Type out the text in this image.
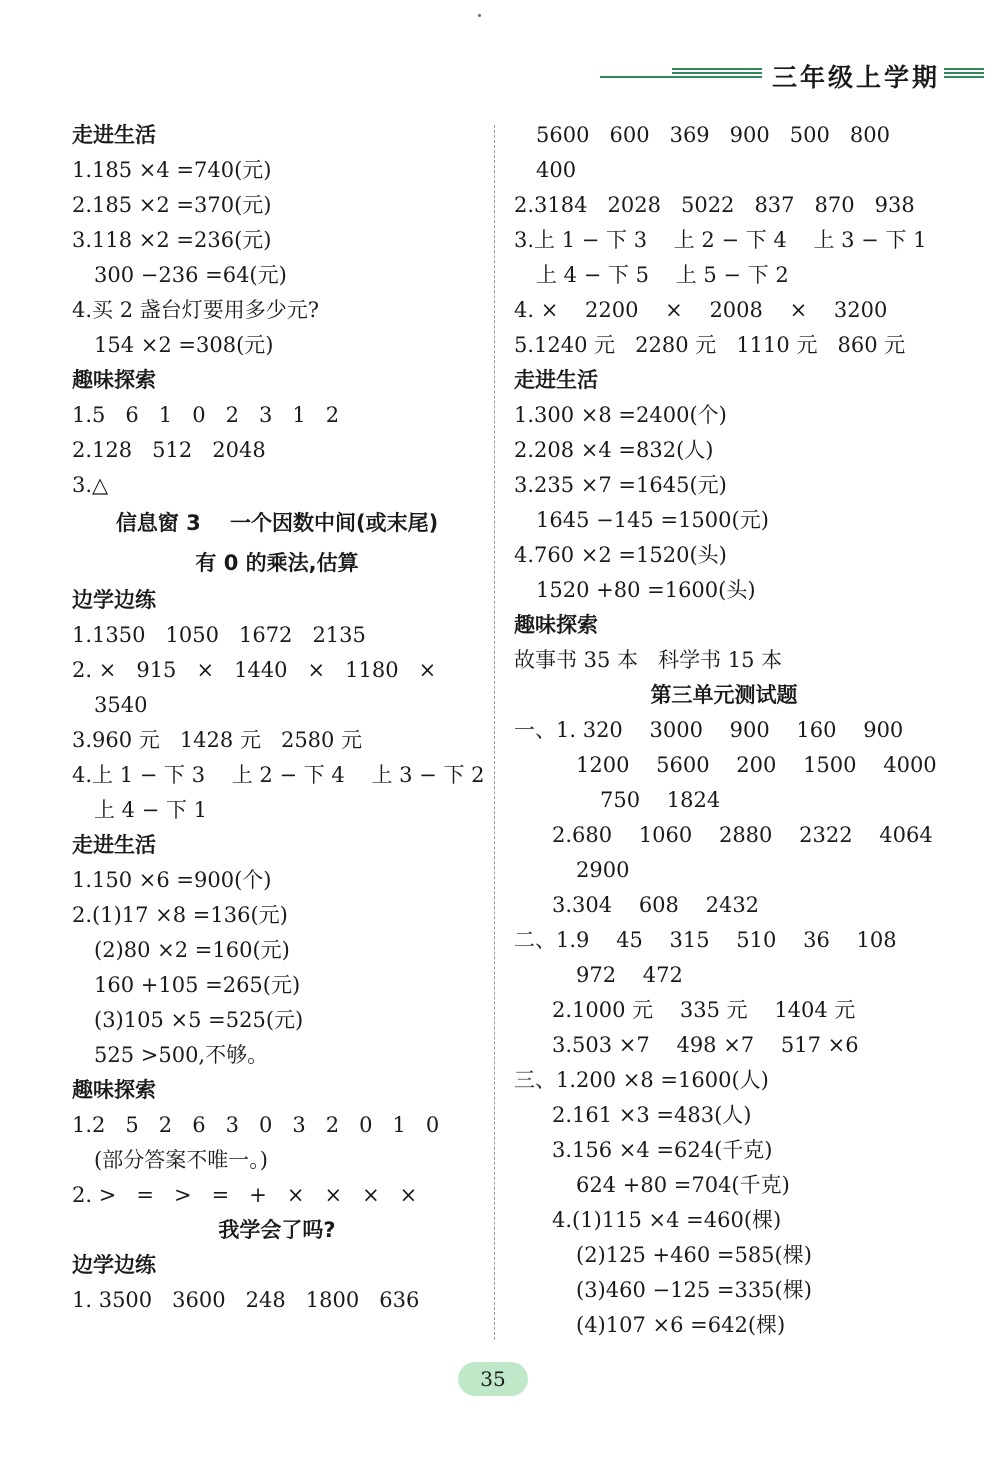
三年级上学期
走进生活
1.185 ×4 =740(元)
2.185 ×2 =370(元)
3.118 ×2 =236(元)
300 −236 =64(元)
4.买 2 盏台灯要用多少元?
154 ×2 =308(元)
趣味探索
1.5   6   1   0   2   3   1   2
2.128   512   2048
3.△
信息窗 3    一个因数中间(或末尾)
有 0 的乘法,估算
边学边练
1.1350   1050   1672   2135
2. ×   915   ×   1440   ×   1180   ×
3540
3.960 元   1428 元   2580 元
4.上 1 − 下 3    上 2 − 下 4    上 3 − 下 2
上 4 − 下 1
走进生活
1.150 ×6 =900(个)
2.(1)17 ×8 =136(元)
(2)80 ×2 =160(元)
160 +105 =265(元)
(3)105 ×5 =525(元)
525 >500,不够。
趣味探索
1.2   5   2   6   3   0   3   2   0   1   0
(部分答案不唯一。)
2. >   =   >   =   +   ×   ×   ×   ×
我学会了吗?
边学边练
1. 3500   3600   248   1800   636
5600   600   369   900   500   800
400
2.3184   2028   5022   837   870   938
3.上 1 − 下 3    上 2 − 下 4    上 3 − 下 1
上 4 − 下 5    上 5 − 下 2
4. ×    2200    ×    2008    ×    3200
5.1240 元   2280 元   1110 元   860 元
走进生活
1.300 ×8 =2400(个)
2.208 ×4 =832(人)
3.235 ×7 =1645(元)
1645 −145 =1500(元)
4.760 ×2 =1520(头)
1520 +80 =1600(头)
趣味探索
故事书 35 本   科学书 15 本
第三单元测试题
一、1. 320    3000    900    160    900
1200    5600    200    1500    4000
750    1824
2.680    1060    2880    2322    4064
2900
3.304    608    2432
二、1.9    45    315    510    36    108
972    472
2.1000 元    335 元    1404 元
3.503 ×7    498 ×7    517 ×6
三、1.200 ×8 =1600(人)
2.161 ×3 =483(人)
3.156 ×4 =624(千克)
624 +80 =704(千克)
4.(1)115 ×4 =460(棵)
(2)125 +460 =585(棵)
(3)460 −125 =335(棵)
(4)107 ×6 =642(棵)
35
